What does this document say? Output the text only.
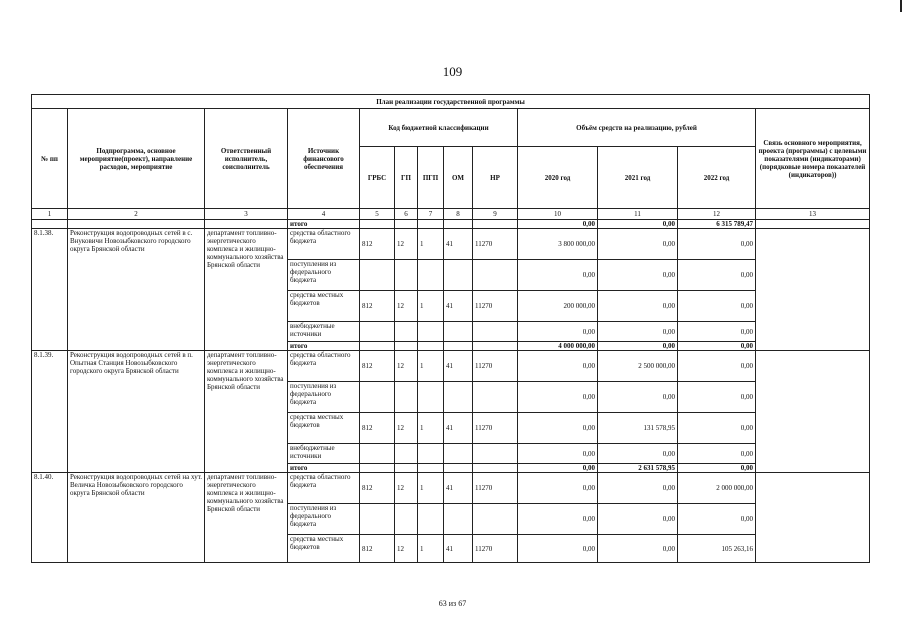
109
План реализации государственной программы												
№ пп	Подпрограмма, основное мероприятие(проект), направление расходов, мероприятие	Ответственный исполнитель, соисполнитель	Источник финансового обеспечения	Код бюджетной классификации					Объём средств на реализацию, рублей			Связь основного мероприятия, проекта (программы) с целевыми показателями (индикаторами) (порядковые номера показателей (индикаторов))
				ГРБС	ГП	ПГП	ОМ	НР	2020 год	2021 год	2022 год	
1	2	3	4	5	6	7	8	9	10	11	12	13
			итого						0,00	0,00	6 315 789,47	
8.1.38.	Реконструкция водопроводных сетей в с. Внуковичи Новозыбковского городского округа Брянской области	департамент топливно-энергетического комплекса и жилищно-коммунального хозяйства Брянской области	средства областного бюджета	812	12	1	41	11270	3 800 000,00	0,00	0,00	
			поступления из федерального бюджета						0,00	0,00	0,00	
			средства местных бюджетов	812	12	1	41	11270	200 000,00	0,00	0,00	
			внебюджетные источники						0,00	0,00	0,00	
			итого						4 000 000,00	0,00	0,00	
8.1.39.	Реконструкция водопроводных сетей в п. Опытная Станция Новозыбковского городского округа Брянской области	департамент топливно-энергетического комплекса и жилищно-коммунального хозяйства Брянской области	средства областного бюджета	812	12	1	41	11270	0,00	2 500 000,00	0,00	
			поступления из федерального бюджета						0,00	0,00	0,00	
			средства местных бюджетов	812	12	1	41	11270	0,00	131 578,95	0,00	
			внебюджетные источники						0,00	0,00	0,00	
			итого						0,00	2 631 578,95	0,00	
8.1.40.	Реконструкция водопроводных сетей на хут. Величка Новозыбковского городского округа Брянской области	департамент топливно-энергетического комплекса и жилищно-коммунального хозяйства Брянской области	средства областного бюджета	812	12	1	41	11270	0,00	0,00	2 000 000,00	
			поступления из федерального бюджета						0,00	0,00	0,00	
			средства местных бюджетов	812	12	1	41	11270	0,00	0,00	105 263,16	
63 из 67
